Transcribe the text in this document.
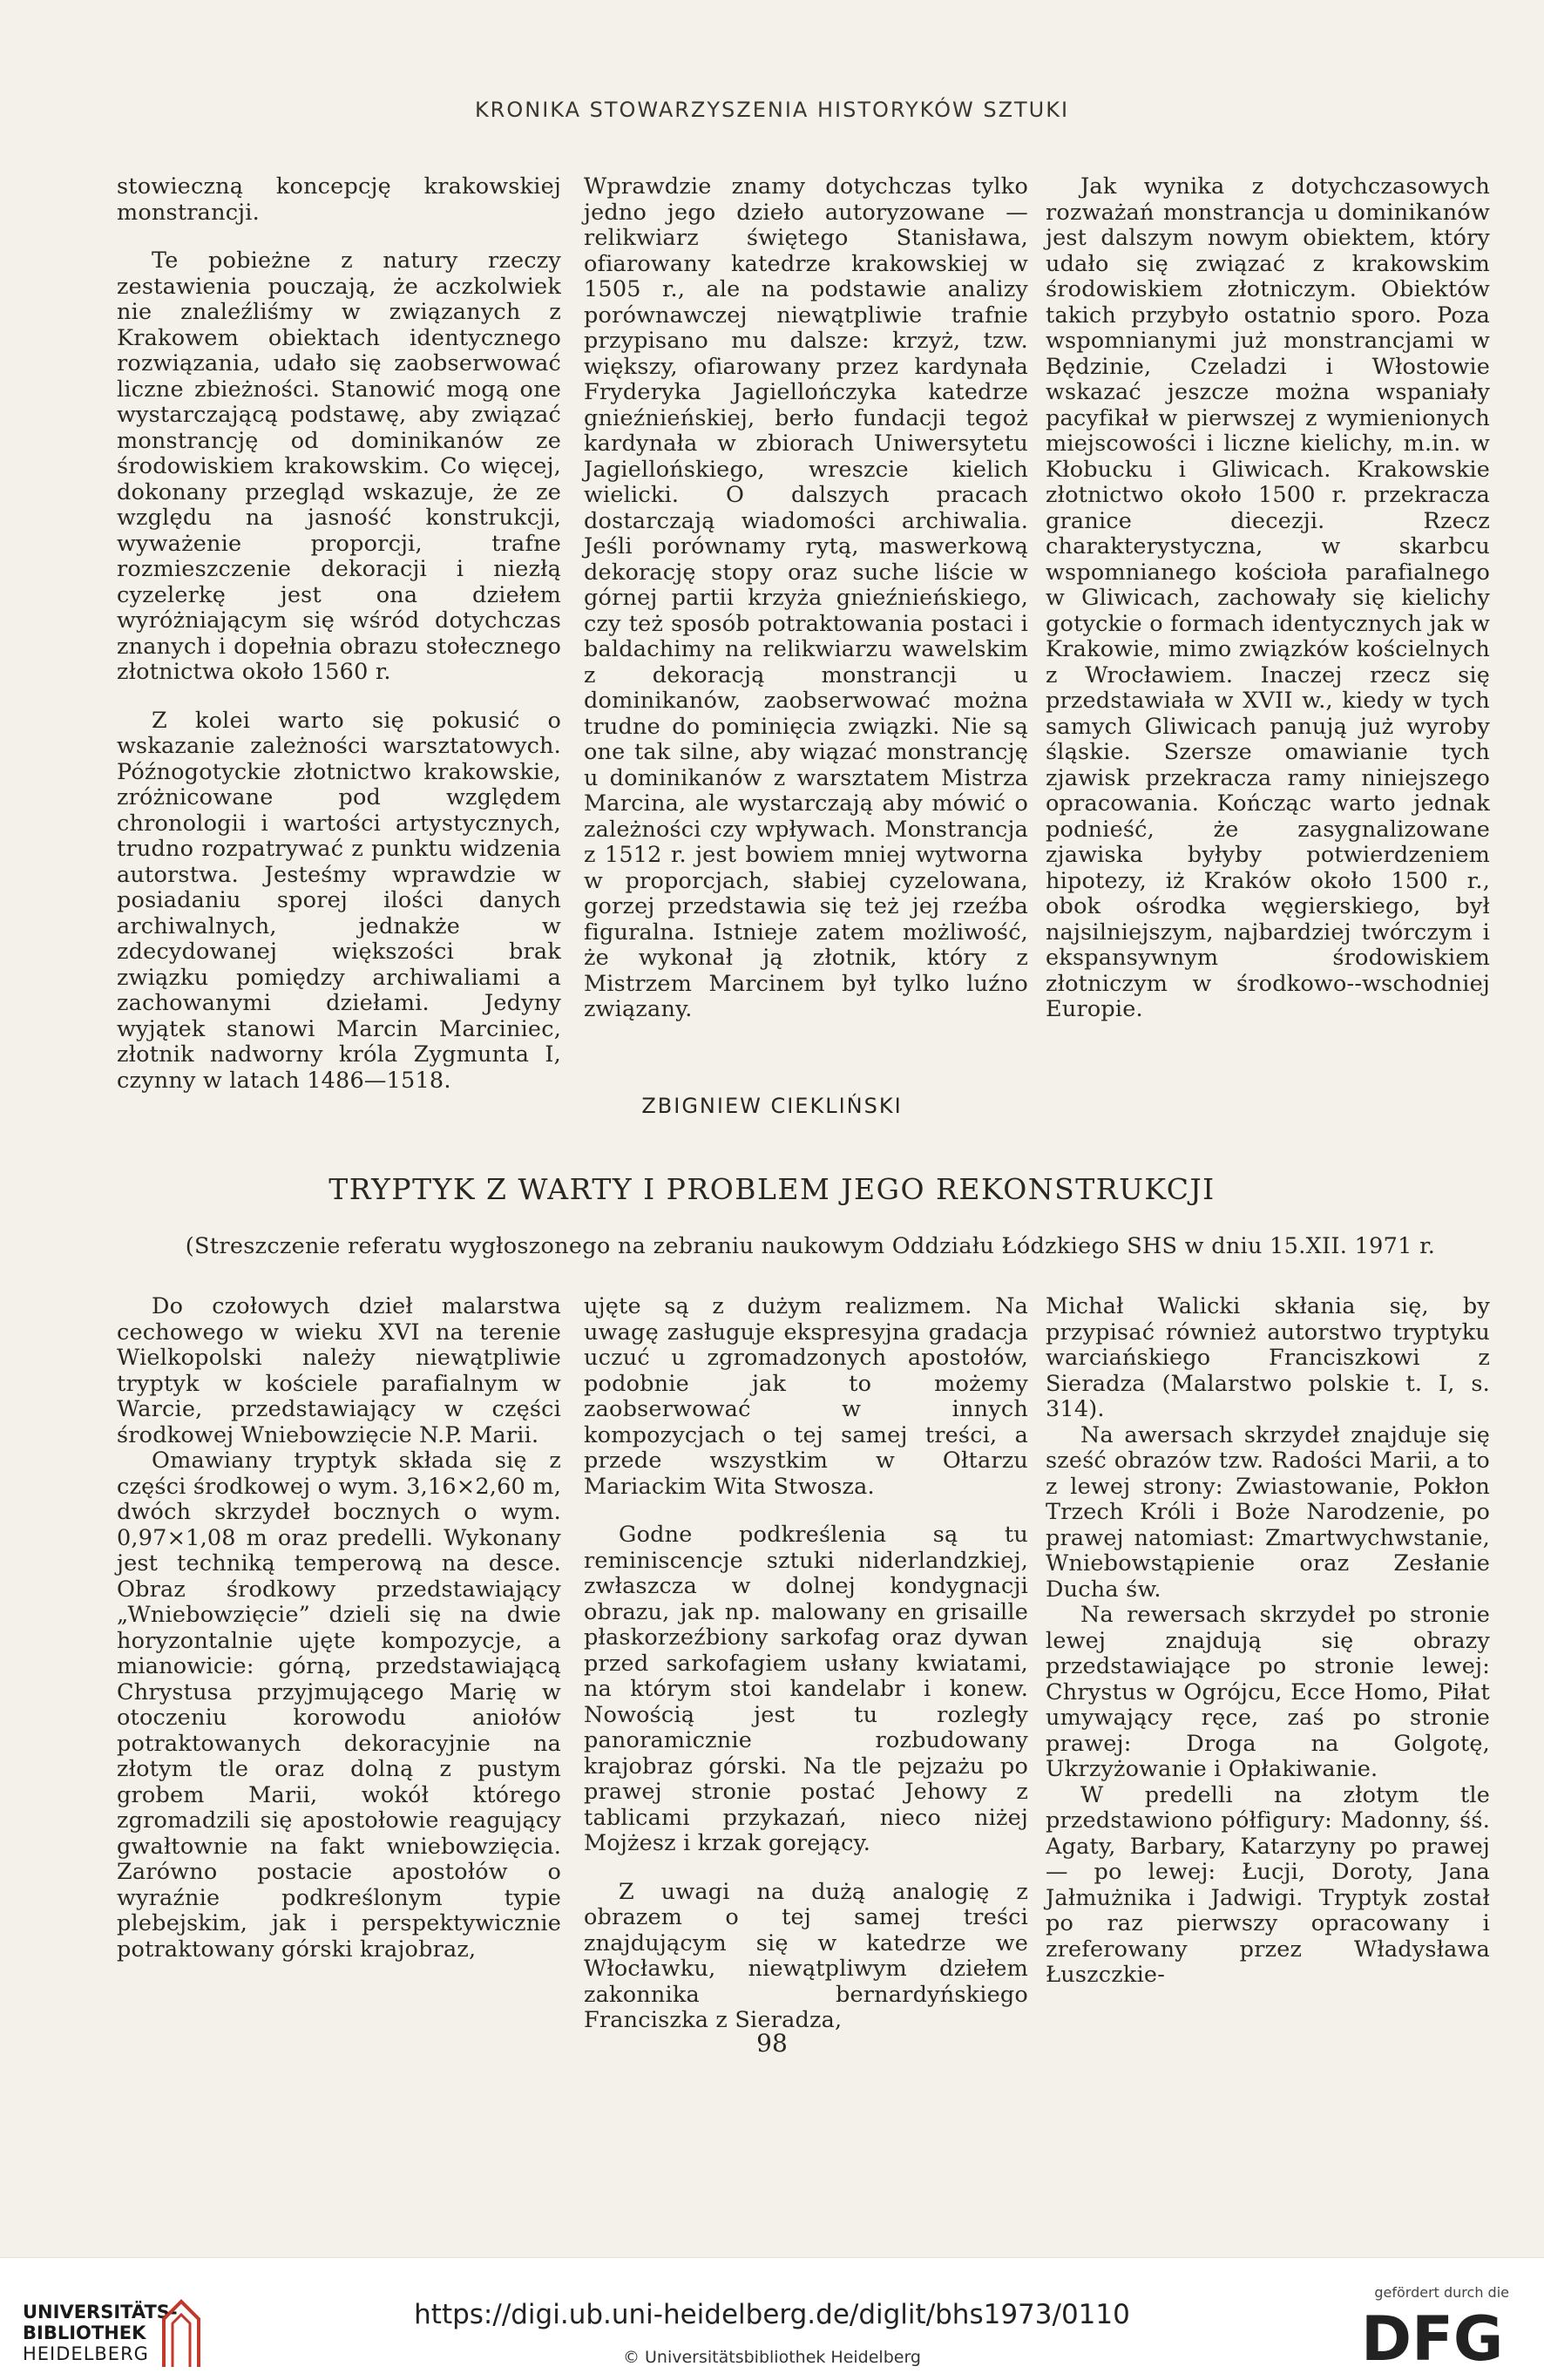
KRONIKA STOWARZYSZENIA HISTORYKÓW SZTUKI

stowieczną koncepcję krakowskiej monstrancji.

Te pobieżne z natury rzeczy zestawienia pouczają, że aczkolwiek nie znaleźliśmy w związanych z Krakowem obiektach identycznego rozwiązania, udało się zaobserwować liczne zbieżności. Stanowić mogą one wystarczającą podstawę, aby związać monstrancję od dominikanów ze środowiskiem krakowskim. Co więcej, dokonany przegląd wskazuje, że ze względu na jasność konstrukcji, wyważenie proporcji, trafne rozmieszczenie dekoracji i niezłą cyzelerkę jest ona dziełem wyróżniającym się wśród dotychczas znanych i dopełnia obrazu stołecznego złotnictwa około 1560 r.

Z kolei warto się pokusić o wskazanie zależności warsztatowych. Późnogotyckie złotnictwo krakowskie, zróżnicowane pod względem chronologii i wartości artystycznych, trudno rozpatrywać z punktu widzenia autorstwa. Jesteśmy wprawdzie w posiadaniu sporej ilości danych archiwalnych, jednakże w zdecydowanej większości brak związku pomiędzy archiwaliami a zachowanymi dziełami. Jedyny wyjątek stanowi Marcin Marciniec, złotnik nadworny króla Zygmunta I, czynny w latach 1486—1518.

Wprawdzie znamy dotychczas tylko jedno jego dzieło autoryzowane — relikwiarz świętego Stanisława, ofiarowany katedrze krakowskiej w 1505 r., ale na podstawie analizy porównawczej niewątpliwie trafnie przypisano mu dalsze: krzyż, tzw. większy, ofiarowany przez kardynała Fryderyka Jagiellończyka katedrze gnieźnieńskiej, berło fundacji tegoż kardynała w zbiorach Uniwersytetu Jagiellońskiego, wreszcie kielich wielicki. O dalszych pracach dostarczają wiadomości archiwalia. Jeśli porównamy rytą, maswerkową dekorację stopy oraz suche liście w górnej partii krzyża gnieźnieńskiego, czy też sposób potraktowania postaci i baldachimy na relikwiarzu wawelskim z dekoracją monstrancji u dominikanów, zaobserwować można trudne do pominięcia związki. Nie są one tak silne, aby wiązać monstrancję u dominikanów z warsztatem Mistrza Marcina, ale wystarczają aby mówić o zależności czy wpływach. Monstrancja z 1512 r. jest bowiem mniej wytworna w proporcjach, słabiej cyzelowana, gorzej przedstawia się też jej rzeźba figuralna. Istnieje zatem możliwość, że wykonał ją złotnik, który z Mistrzem Marcinem był tylko luźno związany.

Jak wynika z dotychczasowych rozważań monstrancja u dominikanów jest dalszym nowym obiektem, który udało się związać z krakowskim środowiskiem złotniczym. Obiektów takich przybyło ostatnio sporo. Poza wspomnianymi już monstrancjami w Będzinie, Czeladzi i Włostowie wskazać jeszcze można wspaniały pacyfikał w pierwszej z wymienionych miejscowości i liczne kielichy, m.in. w Kłobucku i Gliwicach. Krakowskie złotnictwo około 1500 r. przekracza granice diecezji. Rzecz charakterystyczna, w skarbcu wspomnianego kościoła parafialnego w Gliwicach, zachowały się kielichy gotyckie o formach identycznych jak w Krakowie, mimo związków kościelnych z Wrocławiem. Inaczej rzecz się przedstawiała w XVII w., kiedy w tych samych Gliwicach panują już wyroby śląskie. Szersze omawianie tych zjawisk przekracza ramy niniejszego opracowania. Kończąc warto jednak podnieść, że zasygnalizowane zjawiska byłyby potwierdzeniem hipotezy, iż Kraków około 1500 r., obok ośrodka węgierskiego, był najsilniejszym, najbardziej twórczym i ekspansywnym środowiskiem złotniczym w środkowo--wschodniej Europie.

ZBIGNIEW CIEKLIŃSKI
TRYPTYK Z WARTY I PROBLEM JEGO REKONSTRUKCJI
(Streszczenie referatu wygłoszonego na zebraniu naukowym Oddziału Łódzkiego SHS w dniu 15.XII. 1971 r.

Do czołowych dzieł malarstwa cechowego w wieku XVI na terenie Wielkopolski należy niewątpliwie tryptyk w kościele parafialnym w Warcie, przedstawiający w części środkowej Wniebowzięcie N.P. Marii.

Omawiany tryptyk składa się z części środkowej o wym. 3,16×2,60 m, dwóch skrzydeł bocznych o wym. 0,97×1,08 m oraz predelli. Wykonany jest techniką temperową na desce. Obraz środkowy przedstawiający „Wniebowzięcie” dzieli się na dwie horyzontalnie ujęte kompozycje, a mianowicie: górną, przedstawiającą Chrystusa przyjmującego Marię w otoczeniu korowodu aniołów potraktowanych dekoracyjnie na złotym tle oraz dolną z pustym grobem Marii, wokół którego zgromadzili się apostołowie reagujący gwałtownie na fakt wniebowzięcia. Zarówno postacie apostołów o wyraźnie podkreślonym typie plebejskim, jak i perspektywicznie potraktowany górski krajobraz,

ujęte są z dużym realizmem. Na uwagę zasługuje ekspresyjna gradacja uczuć u zgromadzonych apostołów, podobnie jak to możemy zaobserwować w innych kompozycjach o tej samej treści, a przede wszystkim w Ołtarzu Mariackim Wita Stwosza.

Godne podkreślenia są tu reminiscencje sztuki niderlandzkiej, zwłaszcza w dolnej kondygnacji obrazu, jak np. malowany en grisaille płaskorzeźbiony sarkofag oraz dywan przed sarkofagiem usłany kwiatami, na którym stoi kandelabr i konew. Nowością jest tu rozległy panoramicznie rozbudowany krajobraz górski. Na tle pejzażu po prawej stronie postać Jehowy z tablicami przykazań, nieco niżej Mojżesz i krzak gorejący.

Z uwagi na dużą analogię z obrazem o tej samej treści znajdującym się w katedrze we Włocławku, niewątpliwym dziełem zakonnika bernardyńskiego Franciszka z Sieradza,

Michał Walicki skłania się, by przypisać również autorstwo tryptyku warciańskiego Franciszkowi z Sieradza (Malarstwo polskie t. I, s. 314).

Na awersach skrzydeł znajduje się sześć obrazów tzw. Radości Marii, a to z lewej strony: Zwiastowanie, Pokłon Trzech Króli i Boże Narodzenie, po prawej natomiast: Zmartwychwstanie, Wniebowstąpienie oraz Zesłanie Ducha św.

Na rewersach skrzydeł po stronie lewej znajdują się obrazy przedstawiające po stronie lewej: Chrystus w Ogrójcu, Ecce Homo, Piłat umywający ręce, zaś po stronie prawej: Droga na Golgotę, Ukrzyżowanie i Opłakiwanie.

W predelli na złotym tle przedstawiono półfigury: Madonny, śś. Agaty, Barbary, Katarzyny po prawej — po lewej: Łucji, Doroty, Jana Jałmużnika i Jadwigi. Tryptyk został po raz pierwszy opracowany i zreferowany przez Władysława Łuszczkie-

98
UNIVERSITÄTS-
BIBLIOTHEK
HEIDELBERG
https://digi.ub.uni-heidelberg.de/diglit/bhs1973/0110
© Universitätsbibliothek Heidelberg
gefördert durch die
DFG
